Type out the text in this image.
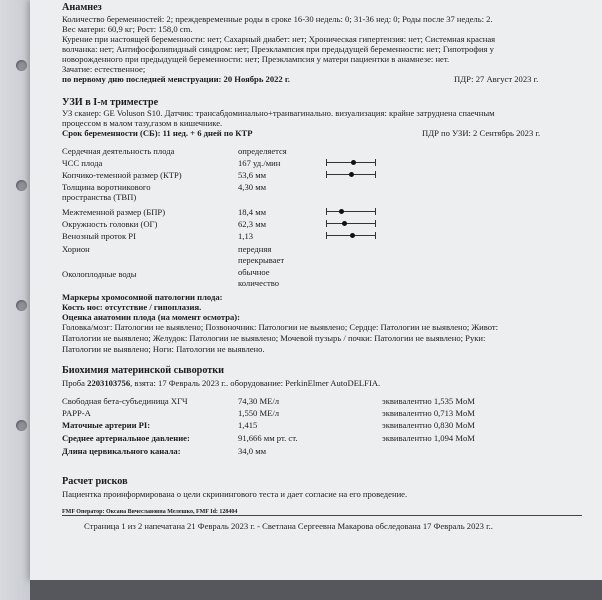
Анамнез
Количество беременностей: 2; преждевременные роды в сроке 16-30 недель: 0; 31-36 нед: 0; Роды после 37 недель: 2.
Вес матери: 60,9 кг; Рост: 158,0 cm.
Курение при настоящей беременности: нет; Сахарный диабет: нет; Хроническая гипертензия: нет; Системная красная
волчанка: нет; Антифосфолипидный синдром: нет; Преэклампсия при предыдущей беременности: нет; Гипотрофия у
новорожденного при предыдущей беременности: нет; Преэклампсия у матери пациентки в анамнезе: нет.
Зачатие: естественное;
по первому дню последней менструации: 20 Ноябрь 2022 г.	ПДР: 27 Август 2023 г.
УЗИ в I-м триместре
УЗ сканер: GE Voluson S10. Датчик: трансабдоминально+транвагинально. визуализация: крайне затруднена спаечным
процессом в малом тазу,газом в кишечнике.
Срок беременности (СБ): 11 нед. + 6 дней по КТР	ПДР по УЗИ: 2 Сентябрь 2023 г.
Сердечная деятельность плода	определяется
ЧСС плода	167 уд./мин
Копчико-теменной размер (КТР)	53,6 мм
Толщина воротникового	4,30 мм
пространства (ТВП)
Межтеменной размер (БПР)	18,4 мм
Окружность головки (ОГ)	62,3 мм
Венозный проток PI	1,13
Хорион	передняя
перекрывает
Околоплодные воды	обычное
количество
Маркеры хромосомной патологии плода:
Кость нос: отсутствие / гипоплазия.
Оценка анатомии плода (на момент осмотра):
Головка/мозг: Патологии не выявлено; Позвоночник: Патологии не выявлено; Сердце: Патологии не выявлено; Живот:
Патологии не выявлено; Желудок: Патологии не выявлено; Мочевой пузырь / почки: Патологии не выявлено; Руки:
Патологии не выявлено; Ноги: Патологии не выявлено.
Биохимия материнской сыворотки
Проба 2203103756, взята: 17 Февраль 2023 г.. оборудование: PerkinElmer AutoDELFIA.
Свободная бета-субъединица ХГЧ	74,30 МЕ/л	эквивалентно 1,535 MoM
PAPP-A	1,550 МЕ/л	эквивалентно 0,713 MoM
Маточные артерии PI:	1,415	эквивалентно 0,830 MoM
Среднее артериальное давление:	91,666 мм рт. ст.	эквивалентно 1,094 MoM
Длина цервикального канала:	34,0 мм
Расчет рисков
Пациентка проинформирована о цели скринингового теста и дает согласие на его проведение.
FMF Оператор: Оксана Вячеславовна Мелешко, FMF Id: 128404
Страница 1 из 2 напечатана 21 Февраль 2023 г. - Светлана Сергеевна Макарова обследована 17 Февраль 2023 г..
